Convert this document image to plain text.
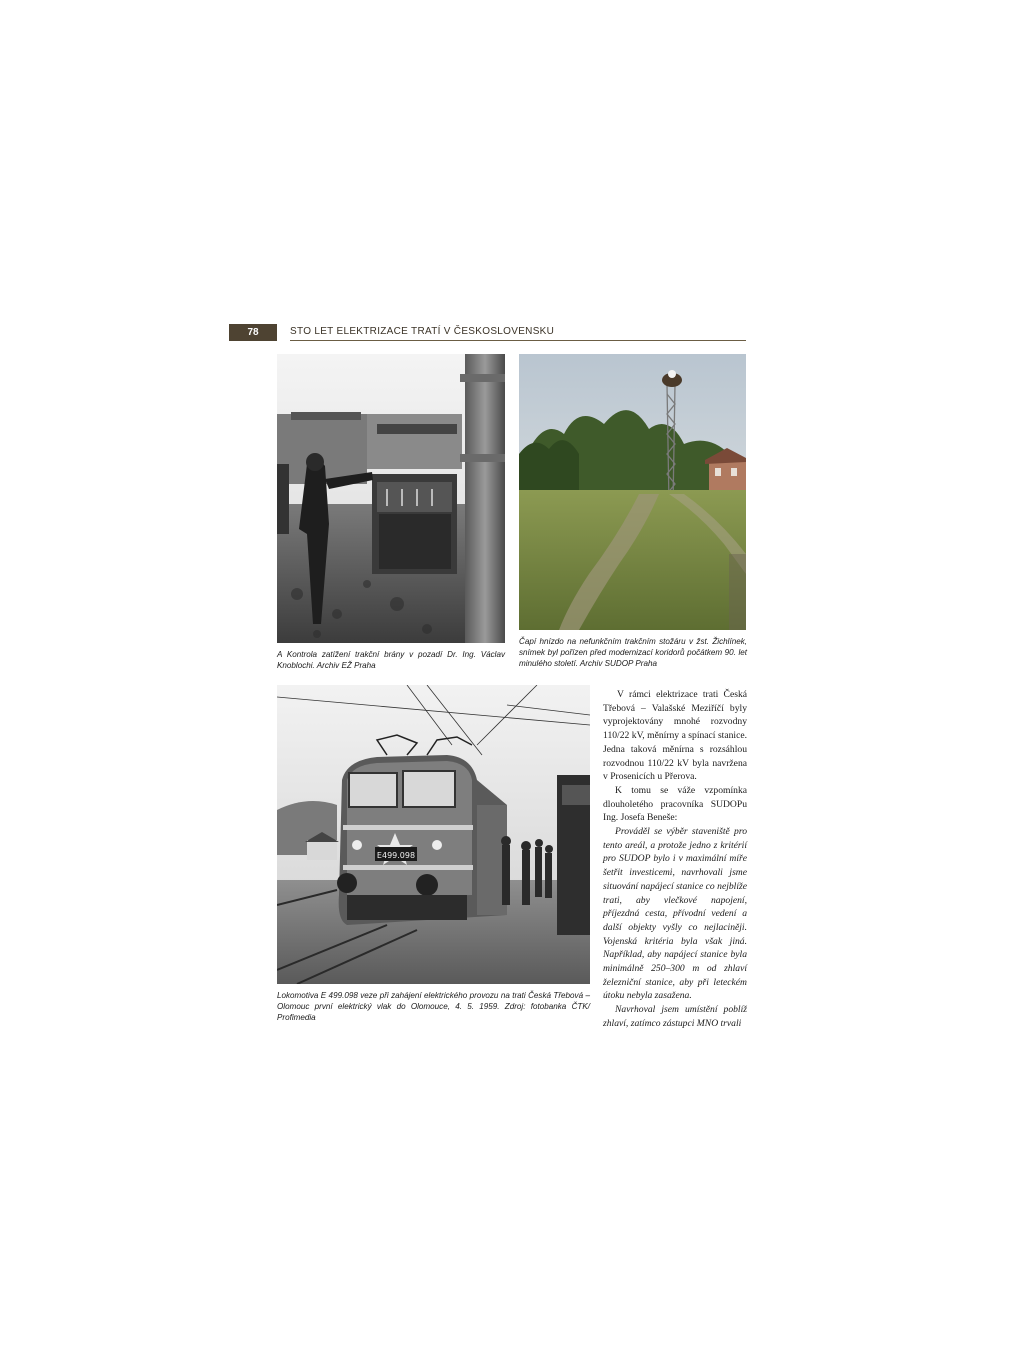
78	STO LET ELEKTRIZACE TRATÍ V ČESKOSLOVENSKU
E499.098

A Kontrola zatížení trakční brány v pozadí Dr. Ing. Václav Knoblochi. Archiv EŽ Praha

Čapí hnízdo na nefunkčním trakčním stožáru v žst. Žichlínek, snímek byl pořízen před modernizací koridorů počátkem 90. let minulého století. Archiv SUDOP Praha

Lokomotiva E 499.098 veze při zahájení elektrického provozu na trati Česká Třebová – Olomouc první elektrický vlak do Olomouce, 4. 5. 1959. Zdroj: fotobanka ČTK/ Profimedia

V rámci elektrizace trati Česká Třebová – Valašské Meziříčí byly vyprojektovány mnohé rozvodny 110/22 kV, měnírny a spínací stanice. Jedna taková měnírna s rozsáhlou rozvodnou 110/22 kV byla navržena v Prosenicích u Přerova.

K tomu se váže vzpomínka dlouholetého pracovníka SUDOPu Ing. Josefa Beneše:

Prováděl se výběr staveniště pro tento areál, a protože jedno z kritérií pro SUDOP bylo i v maximální míře šetřit investicemi, navrhovali jsme situování napájecí stanice co nejblíže trati, aby vlečkové napojení, příjezdná cesta, přívodní vedení a další objekty vyšly co nejlaciněji. Vojenská kritéria byla však jiná. Například, aby napájecí stanice byla minimálně 250–300 m od zhlaví železniční stanice, aby při leteckém útoku nebyla zasažena.

Navrhoval jsem umístění poblíž zhlaví, zatímco zástupci MNO trvali
